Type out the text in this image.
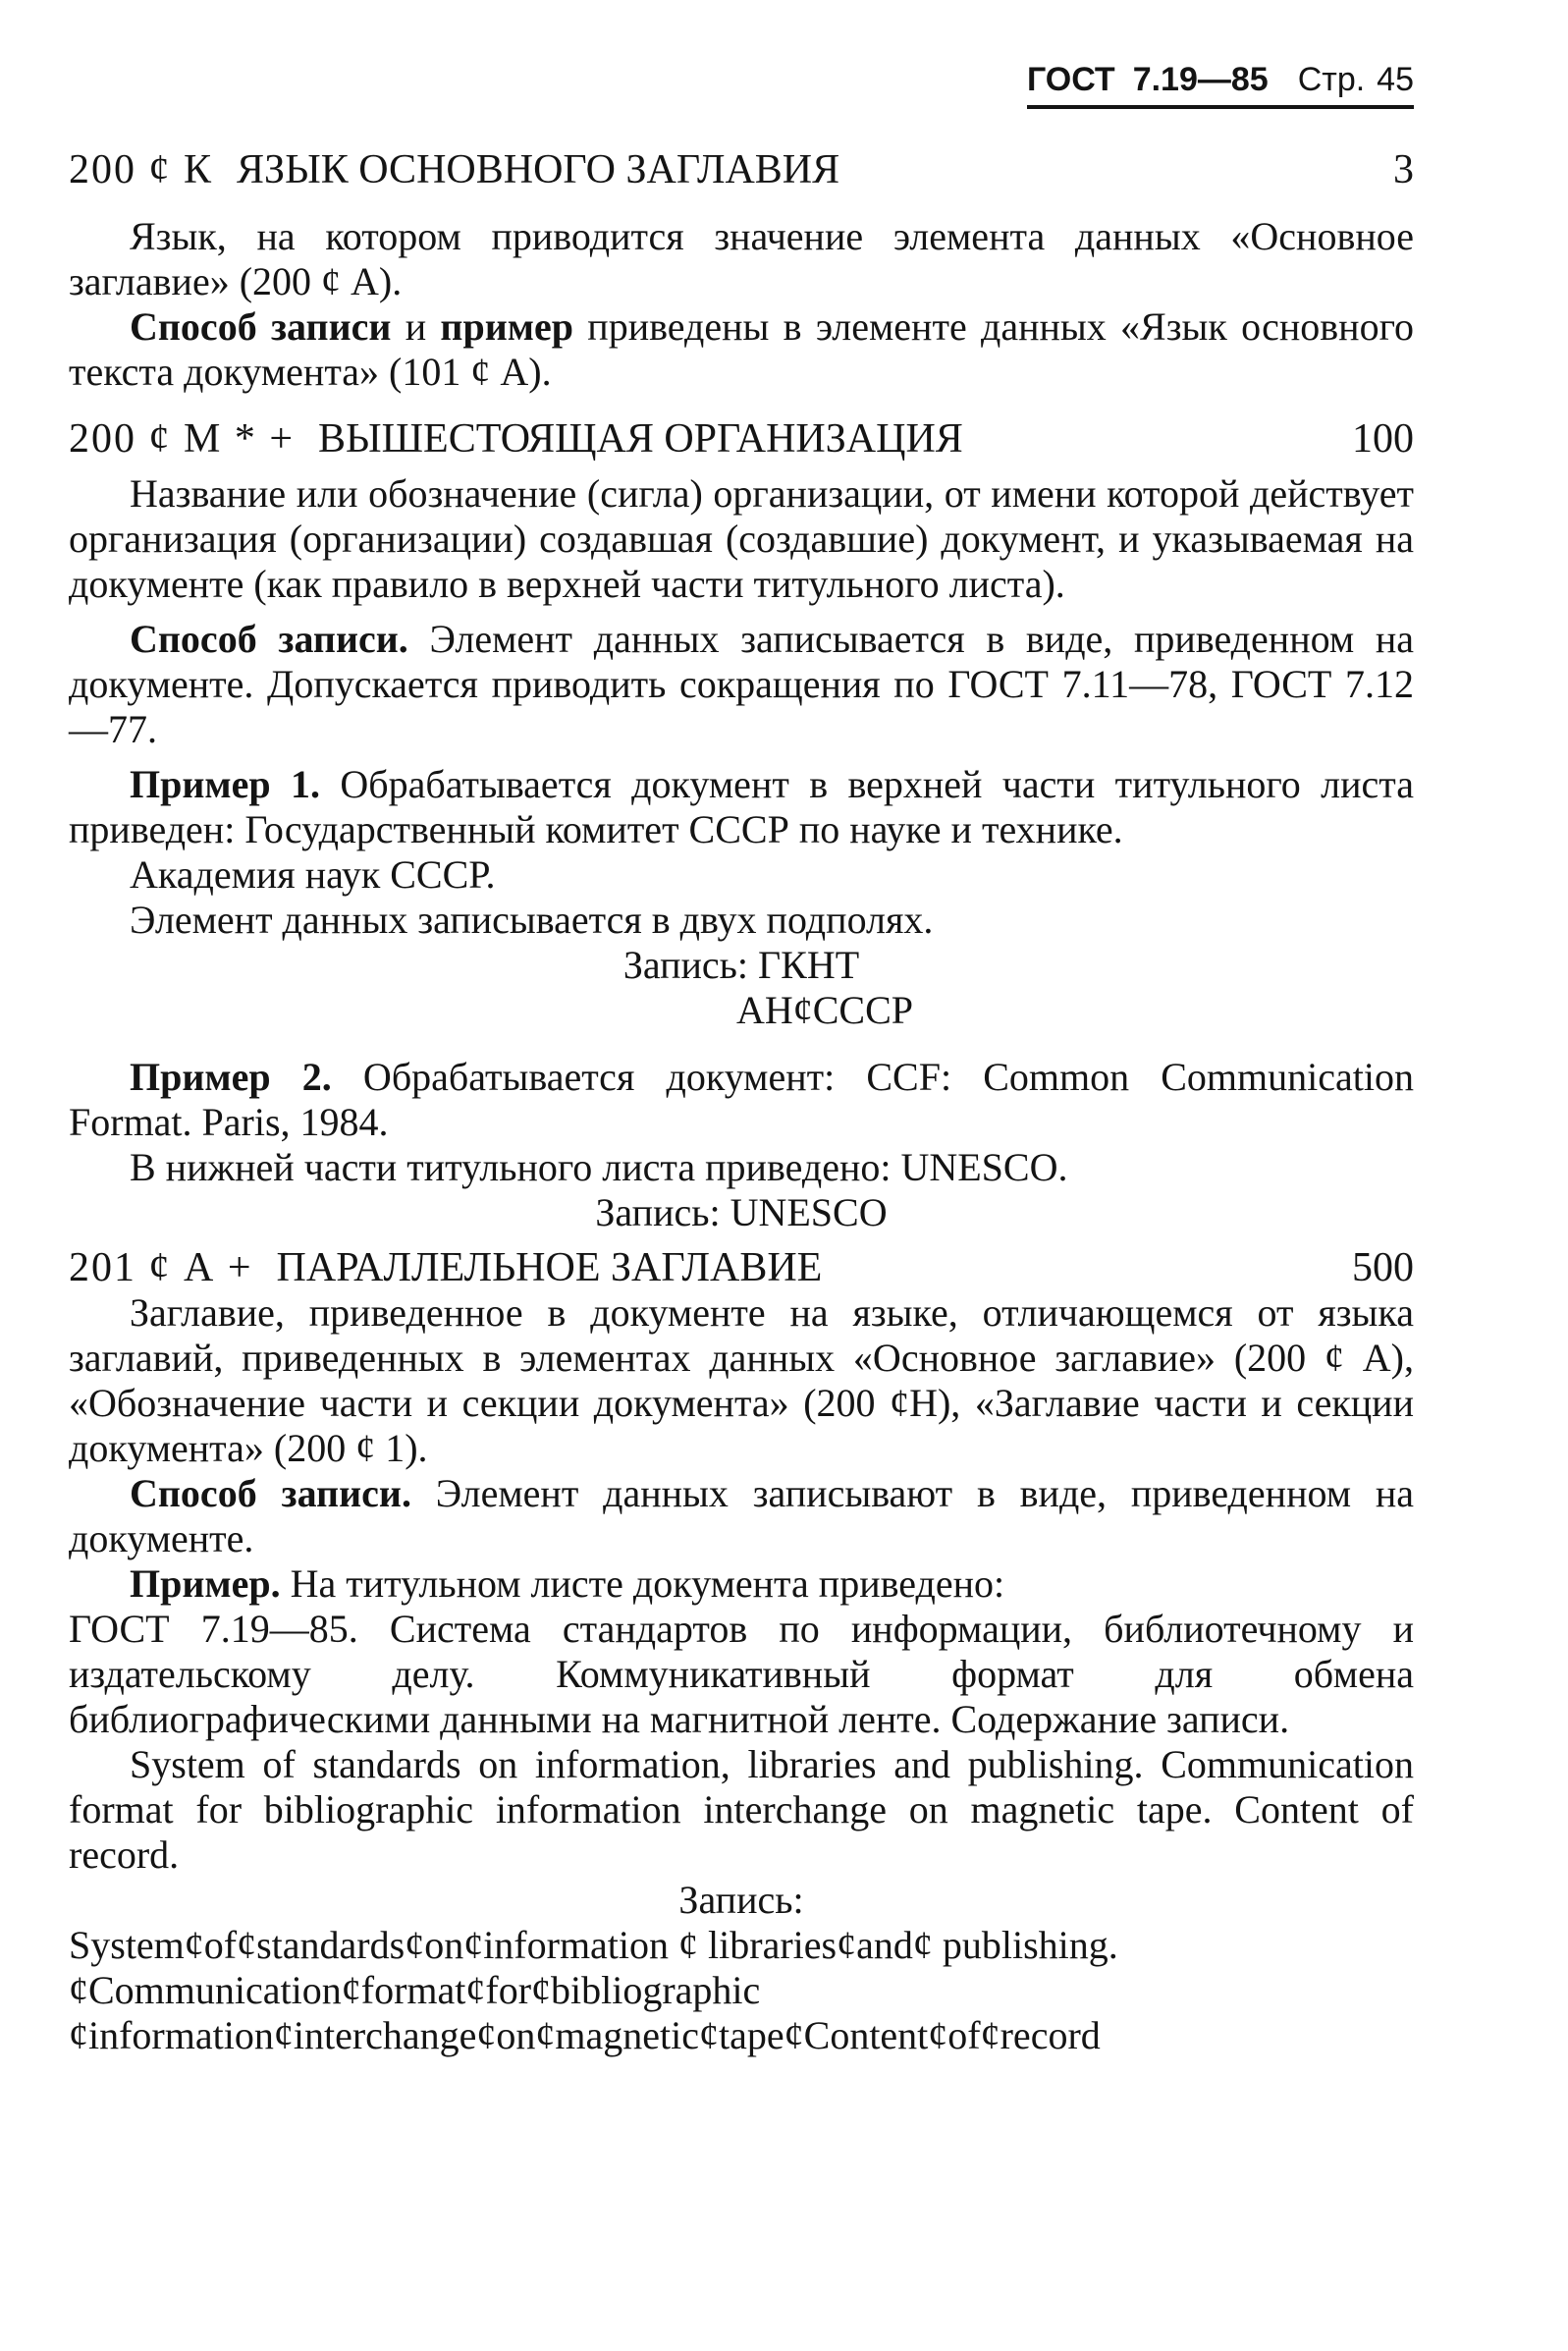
ГОСТ 7.19—85 Стр. 45
200 ¢ К ЯЗЫК ОСНОВНОГО ЗАГЛАВИЯ	3

Язык, на котором приводится значение элемента данных «Основное заглавие» (200 ¢ А).

Способ записи и пример приведены в элементе данных «Язык основного текста документа» (101 ¢ А).

200 ¢ М * + ВЫШЕСТОЯЩАЯ ОРГАНИЗАЦИЯ	100

Название или обозначение (сигла) организации, от имени которой действует организация (организации) создавшая (создавшие) документ, и указываемая на документе (как правило в верхней части титульного листа).

Способ записи. Элемент данных записывается в виде, приведенном на документе. Допускается приводить сокращения по ГОСТ 7.11—78, ГОСТ 7.12—77.

Пример 1. Обрабатывается документ в верхней части титульного листа приведен: Государственный комитет СССР по науке и технике.

Академия наук СССР.

Элемент данных записывается в двух подполях.

Запись: ГКНТ

АН¢СССР

Пример 2. Обрабатывается документ: CCF: Common Communication Format. Paris, 1984.

В нижней части титульного листа приведено: UNESCO.

Запись: UNESCO

201 ¢ А + ПАРАЛЛЕЛЬНОЕ ЗАГЛАВИЕ	500

Заглавие, приведенное в документе на языке, отличающемся от языка заглавий, приведенных в элементах данных «Основное заглавие» (200 ¢ А), «Обозначение части и секции документа» (200 ¢Н), «Заглавие части и секции документа» (200 ¢ 1).

Способ записи. Элемент данных записывают в виде, приведенном на документе.

Пример. На титульном листе документа приведено:

ГОСТ 7.19—85. Система стандартов по информации, библиотечному и издательскому делу. Коммуникативный формат для обмена библиографическими данными на магнитной ленте. Содержание записи.

System of standards on information, libraries and publishing. Communication format for bibliographic information interchange on magnetic tape. Content of record.

Запись:

System¢of¢standards¢on¢information ¢ libraries¢and¢ publishing.

¢Communication¢format¢for¢bibliographic

¢information¢interchange¢on¢magnetic¢tape¢Content¢of¢record
